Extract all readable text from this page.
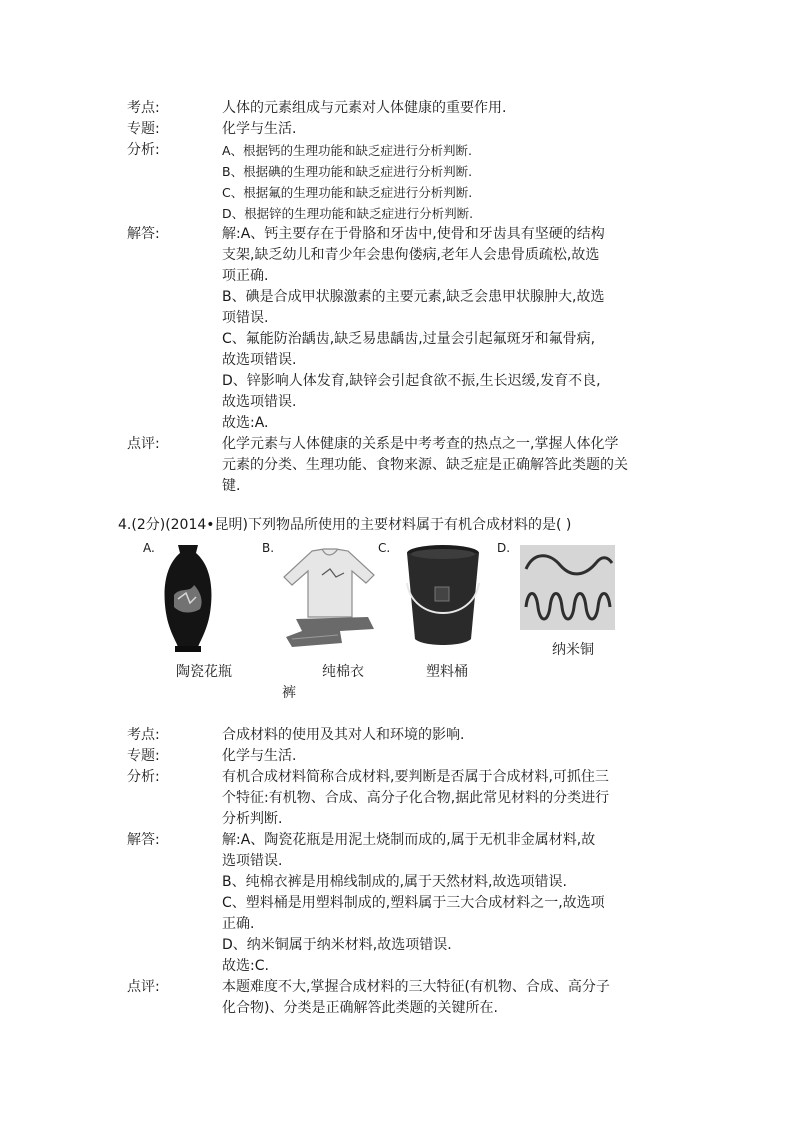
考点:	人体的元素组成与元素对人体健康的重要作用.
专题:	化学与生活.
分析:	A、根据钙的生理功能和缺乏症进行分析判断.
B、根据碘的生理功能和缺乏症进行分析判断.
C、根据氟的生理功能和缺乏症进行分析判断.
D、根据锌的生理功能和缺乏症进行分析判断.
解答:	解:A、钙主要存在于骨胳和牙齿中,使骨和牙齿具有坚硬的结构
支架,缺乏幼儿和青少年会患佝偻病,老年人会患骨质疏松,故选
项正确.
B、碘是合成甲状腺激素的主要元素,缺乏会患甲状腺肿大,故选
项错误.
C、氟能防治龋齿,缺乏易患龋齿,过量会引起氟斑牙和氟骨病,
故选项错误.
D、锌影响人体发育,缺锌会引起食欲不振,生长迟缓,发育不良,
故选项错误.
故选:A.
点评:	化学元素与人体健康的关系是中考考查的热点之一,掌握人体化学
元素的分类、生理功能、食物来源、缺乏症是正确解答此类题的关
键.
4.(2分)(2014•昆明)下列物品所使用的主要材料属于有机合成材料的是( )
A.
陶瓷花瓶
B.
纯棉衣
裤
C.
塑料桶
D.
纳米铜
考点:	合成材料的使用及其对人和环境的影响.
专题:	化学与生活.
分析:	有机合成材料简称合成材料,要判断是否属于合成材料,可抓住三
个特征:有机物、合成、高分子化合物,据此常见材料的分类进行
分析判断.
解答:	解:A、陶瓷花瓶是用泥土烧制而成的,属于无机非金属材料,故
选项错误.
B、纯棉衣裤是用棉线制成的,属于天然材料,故选项错误.
C、塑料桶是用塑料制成的,塑料属于三大合成材料之一,故选项
正确.
D、纳米铜属于纳米材料,故选项错误.
故选:C.
点评:	本题难度不大,掌握合成材料的三大特征(有机物、合成、高分子
化合物)、分类是正确解答此类题的关键所在.
